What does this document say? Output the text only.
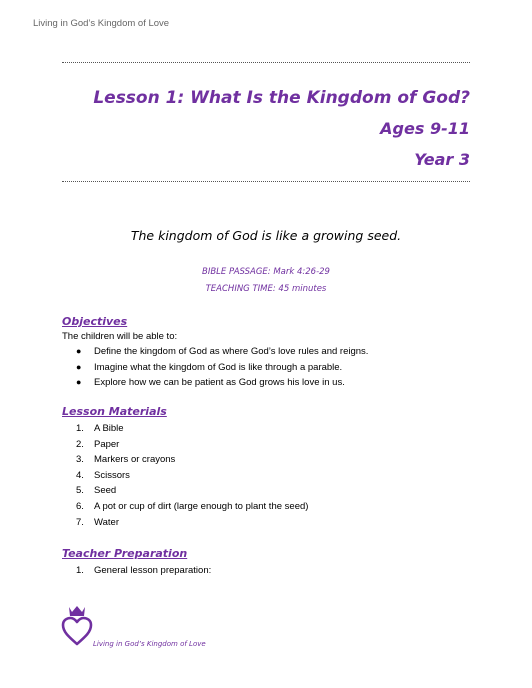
Living in God’s Kingdom of Love
Lesson 1: What Is the Kingdom of God?
Ages 9-11
Year 3
The kingdom of God is like a growing seed.
BIBLE PASSAGE: Mark 4:26-29
TEACHING TIME: 45 minutes
Objectives
The children will be able to:
● Define the kingdom of God as where God’s love rules and reigns.
● Imagine what the kingdom of God is like through a parable.
● Explore how we can be patient as God grows his love in us.
Lesson Materials
1. A Bible
2. Paper
3. Markers or crayons
4. Scissors
5. Seed
6. A pot or cup of dirt (large enough to plant the seed)
7. Water
Teacher Preparation
1. General lesson preparation:
Living in God’s Kingdom of Love
